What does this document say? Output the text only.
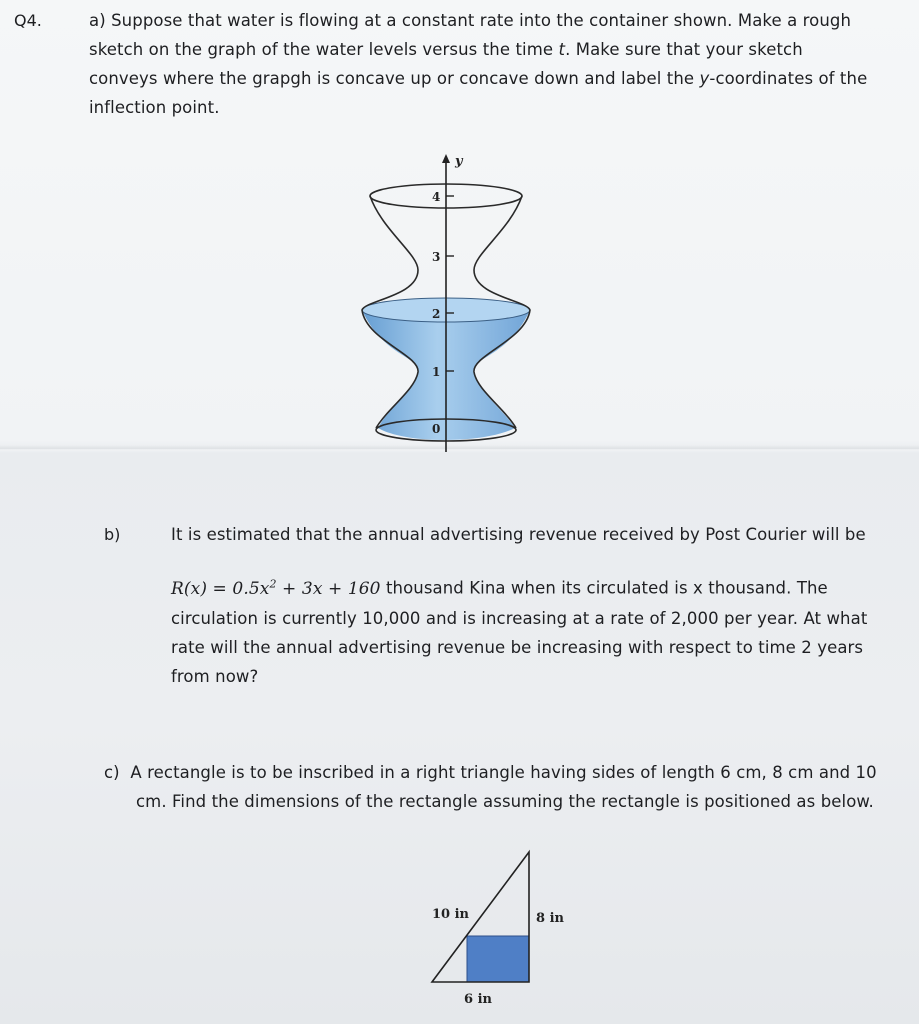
Q4.	a) Suppose that water is flowing at a constant rate into the container shown. Make a rough
sketch on the graph of the water levels versus the time t. Make sure that your sketch
conveys where the grapgh is concave up or concave down and label the y-coordinates of the
inflection point.
y
4
3
2
1
0
b)	It is estimated that the annual advertising revenue received by Post Courier will be
$R(x) = 0.5x^2 + 3x + 160$ thousand Kina when its circulated is x thousand. The
circulation is currently 10,000 and is increasing at a rate of 2,000 per year. At what
rate will the annual advertising revenue be increasing with respect to time 2 years
from now?
c) A rectangle is to be inscribed in a right triangle having sides of length 6 cm, 8 cm and 10
cm. Find the dimensions of the rectangle assuming the rectangle is positioned as below.
10 in	8 in
6 in
